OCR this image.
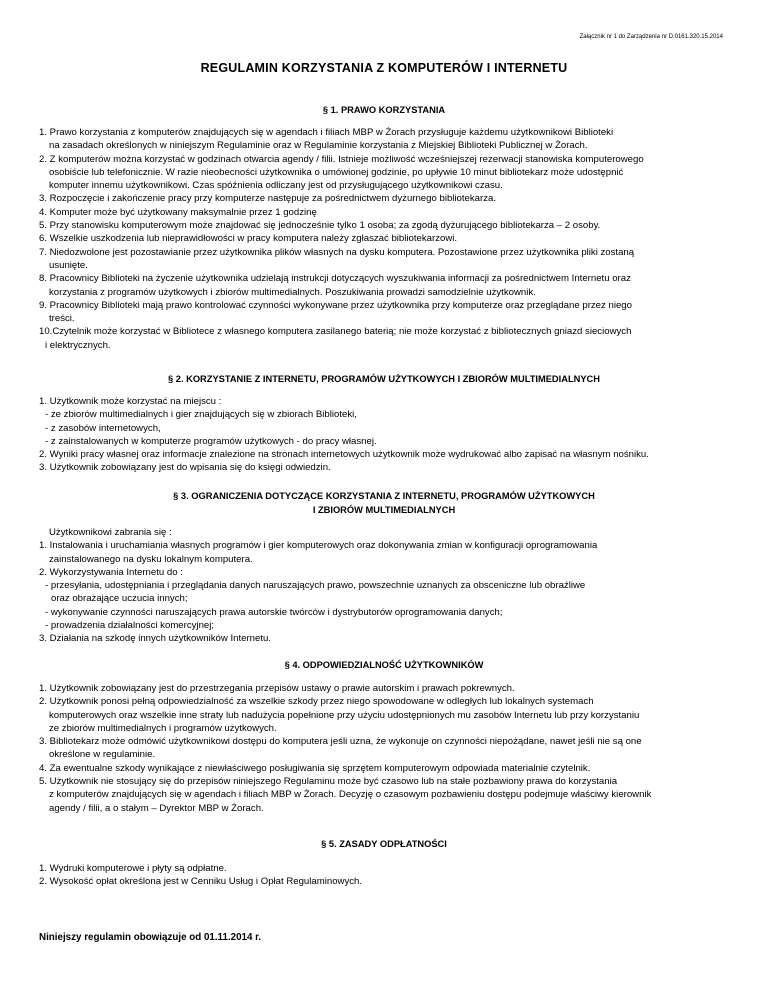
Załącznik nr 1 do Zarządzenia nr D.0161.320.15.2014
REGULAMIN KORZYSTANIA Z KOMPUTERÓW I INTERNETU
§ 1. PRAWO KORZYSTANIA
1. Prawo korzystania z komputerów znajdujących się w agendach i filiach MBP w Żorach przysługuje każdemu użytkownikowi Biblioteki
na zasadach określonych w niniejszym Regulaminie oraz w Regulaminie korzystania z Miejskiej Biblioteki Publicznej w Żorach.
2. Z komputerów można korzystać w godzinach otwarcia agendy / filii. Istnieje możliwość wcześniejszej rezerwacji stanowiska komputerowego
osobiście lub telefonicznie. W razie nieobecności użytkownika o umówionej godzinie, po upływie 10 minut bibliotekarz może udostępnić
komputer innemu użytkownikowi. Czas spóźnienia odliczany jest od przysługującego użytkownikowi czasu.
3. Rozpoczęcie i zakończenie pracy przy komputerze następuje za pośrednictwem dyżurnego bibliotekarza.
4. Komputer może być użytkowany maksymalnie przez 1 godzinę
5. Przy stanowisku komputerowym może znajdować się jednocześnie tylko 1 osoba; za zgodą dyżurującego bibliotekarza – 2 osoby.
6. Wszelkie uszkodzenia lub nieprawidłowości w pracy komputera należy zgłaszać bibliotekarzowi.
7. Niedozwolone jest pozostawianie przez użytkownika plików własnych na dysku komputera. Pozostawione przez użytkownika pliki zostaną
usunięte.
8. Pracownicy Biblioteki na życzenie użytkownika udzielają instrukcji dotyczących wyszukiwania informacji za pośrednictwem Internetu oraz
korzystania z programów użytkowych i zbiorów multimedialnych. Poszukiwania prowadzi samodzielnie użytkownik.
9. Pracownicy Biblioteki mają prawo kontrolować czynności wykonywane przez użytkownika przy komputerze oraz przeglądane przez niego
treści.
10.Czytelnik może korzystać w Bibliotece z własnego komputera zasilanego baterią; nie może korzystać z bibliotecznych gniazd sieciowych
i elektrycznych.
§ 2. KORZYSTANIE Z INTERNETU, PROGRAMÓW UŻYTKOWYCH I ZBIORÓW MULTIMEDIALNYCH
1. Użytkownik może korzystać na miejscu :
- ze zbiorów multimedialnych i gier znajdujących się w zbiorach Biblioteki,
- z zasobów internetowych,
- z zainstalowanych w komputerze programów użytkowych - do pracy własnej.
2. Wyniki pracy własnej oraz informacje znalezione na stronach internetowych użytkownik może wydrukować albo zapisać na własnym nośniku.
3. Użytkownik zobowiązany jest do wpisania się do księgi odwiedzin.
§ 3. OGRANICZENIA DOTYCZĄCE KORZYSTANIA Z INTERNETU, PROGRAMÓW UŻYTKOWYCH
I ZBIORÓW MULTIMEDIALNYCH
Użytkownikowi zabrania się :
1. Instalowania i uruchamiania własnych programów i gier komputerowych oraz dokonywania zmian w konfiguracji oprogramowania
zainstalowanego na dysku lokalnym komputera.
2. Wykorzystywania Internetu do :
- przesyłania, udostępniania i przeglądania danych naruszających prawo, powszechnie uznanych za obsceniczne lub obraźliwe
oraz obrażające uczucia innych;
- wykonywanie czynności naruszających prawa autorskie twórców i dystrybutorów oprogramowania danych;
- prowadzenia działalności komercyjnej;
3. Działania na szkodę innych użytkowników Internetu.
§ 4. ODPOWIEDZIALNOŚĆ UŻYTKOWNIKÓW
1. Użytkownik zobowiązany jest do przestrzegania przepisów ustawy o prawie autorskim i prawach pokrewnych.
2. Użytkownik ponosi pełną odpowiedzialność za wszelkie szkody przez niego spowodowane w odległych lub lokalnych systemach
komputerowych oraz wszelkie inne straty lub nadużycia popełnione przy użyciu udostępnionych mu zasobów Internetu lub przy korzystaniu
ze zbiorów multimedialnych i programów użytkowych.
3. Bibliotekarz może odmówić użytkownikowi dostępu do komputera jeśli uzna, że wykonuje on czynności niepożądane, nawet jeśli nie są one
określone w regulaminie.
4. Za ewentualne szkody wynikające z niewłaściwego posługiwania się sprzętem komputerowym odpowiada materialnie czytelnik.
5. Użytkownik nie stosujący się do przepisów niniejszego Regulaminu może być czasowo lub na stałe pozbawiony prawa do korzystania
z komputerów znajdujących się w agendach i filiach MBP w Żorach. Decyzję o czasowym pozbawieniu dostępu podejmuje właściwy kierownik
agendy / filii, a o stałym – Dyrektor MBP w Żorach.
§ 5. ZASADY ODPŁATNOŚCI
1. Wydruki komputerowe i płyty są odpłatne.
2. Wysokość opłat określona jest w Cenniku Usług i Opłat Regulaminowych.
Niniejszy regulamin obowiązuje od 01.11.2014 r.
